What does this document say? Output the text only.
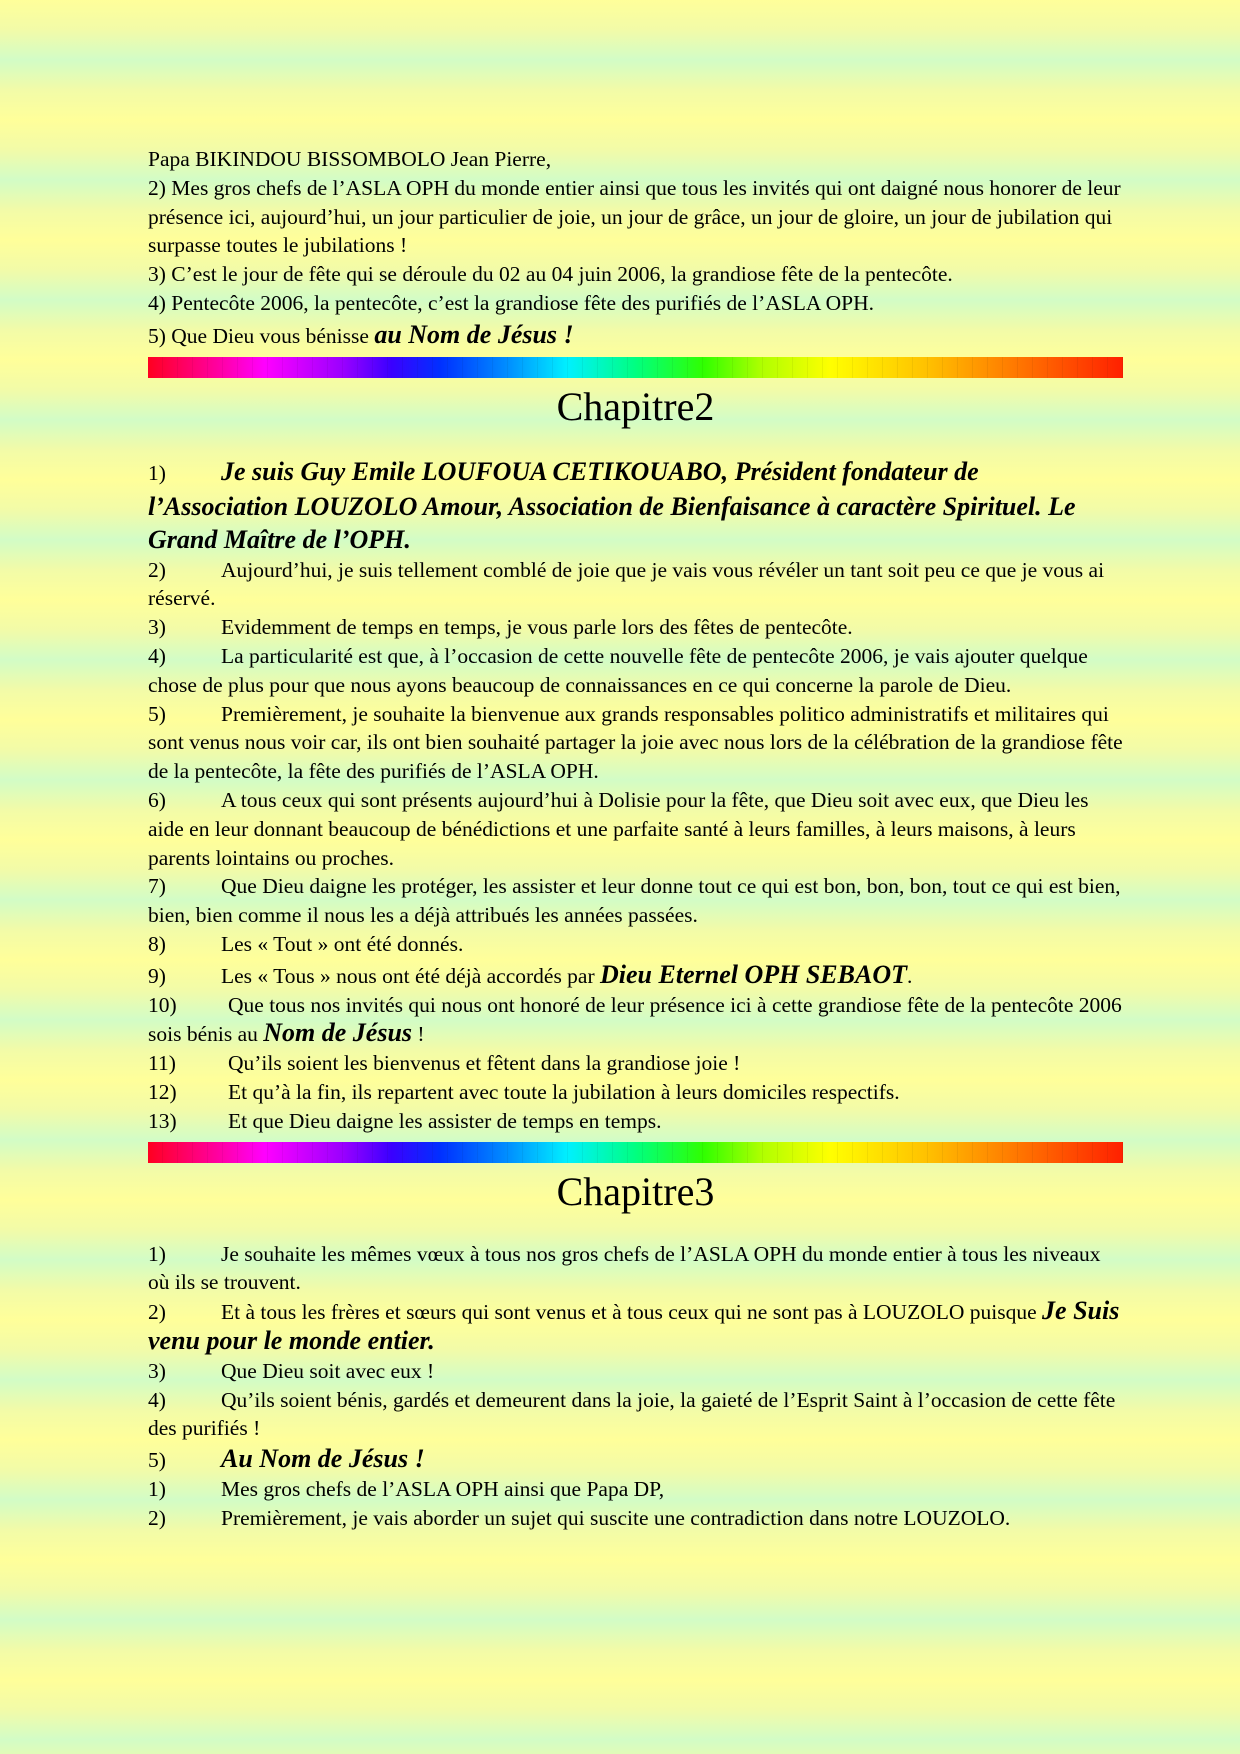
Papa BIKINDOU BISSOMBOLO Jean Pierre,

2) Mes gros chefs de l’ASLA OPH du monde entier ainsi que tous les invités qui ont daigné nous honorer de leur présence ici, aujourd’hui, un jour particulier de joie, un jour de grâce, un jour de gloire, un jour de jubilation qui surpasse toutes le jubilations !

3) C’est le jour de fête qui se déroule du 02 au 04 juin 2006, la grandiose fête de la pentecôte.

4) Pentecôte 2006, la pentecôte, c’est la grandiose fête des purifiés de l’ASLA OPH.

5) Que Dieu vous bénisse au Nom de Jésus !

Chapitre2

1) Je suis Guy Emile LOUFOUA CETIKOUABO, Président fondateur de l’Association LOUZOLO Amour, Association de Bienfaisance à caractère Spirituel. Le Grand Maître de l’OPH.

2)	Aujourd’hui, je suis tellement comblé de joie que je vais vous révéler un tant soit peu ce que je vous ai réservé.

3)	Evidemment de temps en temps, je vous parle lors des fêtes de pentecôte.

4)	La particularité est que, à l’occasion de cette nouvelle fête de pentecôte 2006, je vais ajouter quelque chose de plus pour que nous ayons beaucoup de connaissances en ce qui concerne la parole de Dieu.

5)	Premièrement, je souhaite la bienvenue aux grands responsables politico administratifs et militaires qui sont venus nous voir car, ils ont bien souhaité partager la joie avec nous lors de la célébration de la grandiose fête de la pentecôte, la fête des purifiés de l’ASLA OPH.

6)	A tous ceux qui sont présents aujourd’hui à Dolisie pour la fête, que Dieu soit avec eux, que Dieu les aide en leur donnant beaucoup de bénédictions et une parfaite santé à leurs familles, à leurs maisons, à leurs parents lointains ou proches.

7)	Que Dieu daigne les protéger, les assister et leur donne tout ce qui est bon, bon, bon, tout ce qui est bien, bien, bien comme il nous les a déjà attribués les années passées.

8)	Les « Tout » ont été donnés.

9)	Les « Tous » nous ont été déjà accordés par Dieu Eternel OPH SEBAOT.

10) Que tous nos invités qui nous ont honoré de leur présence ici à cette grandiose fête de la pentecôte 2006 sois bénis au Nom de Jésus !

11) Qu’ils soient les bienvenus et fêtent dans la grandiose joie !

12) Et qu’à la fin, ils repartent avec toute la jubilation à leurs domiciles respectifs.

13) Et que Dieu daigne les assister de temps en temps.

Chapitre3

1)	Je souhaite les mêmes vœux à tous nos gros chefs de l’ASLA OPH du monde entier à tous les niveaux où ils se trouvent.

2)	Et à tous les frères et sœurs qui sont venus et à tous ceux qui ne sont pas à LOUZOLO puisque Je Suis venu pour le monde entier.

3)	Que Dieu soit avec eux !

4)	Qu’ils soient bénis, gardés et demeurent dans la joie, la gaieté de l’Esprit Saint à l’occasion de cette fête des purifiés !

5) Au Nom de Jésus !

1)	Mes gros chefs de l’ASLA OPH ainsi que Papa DP,

2)	Premièrement, je vais aborder un sujet qui suscite une contradiction dans notre LOUZOLO.
